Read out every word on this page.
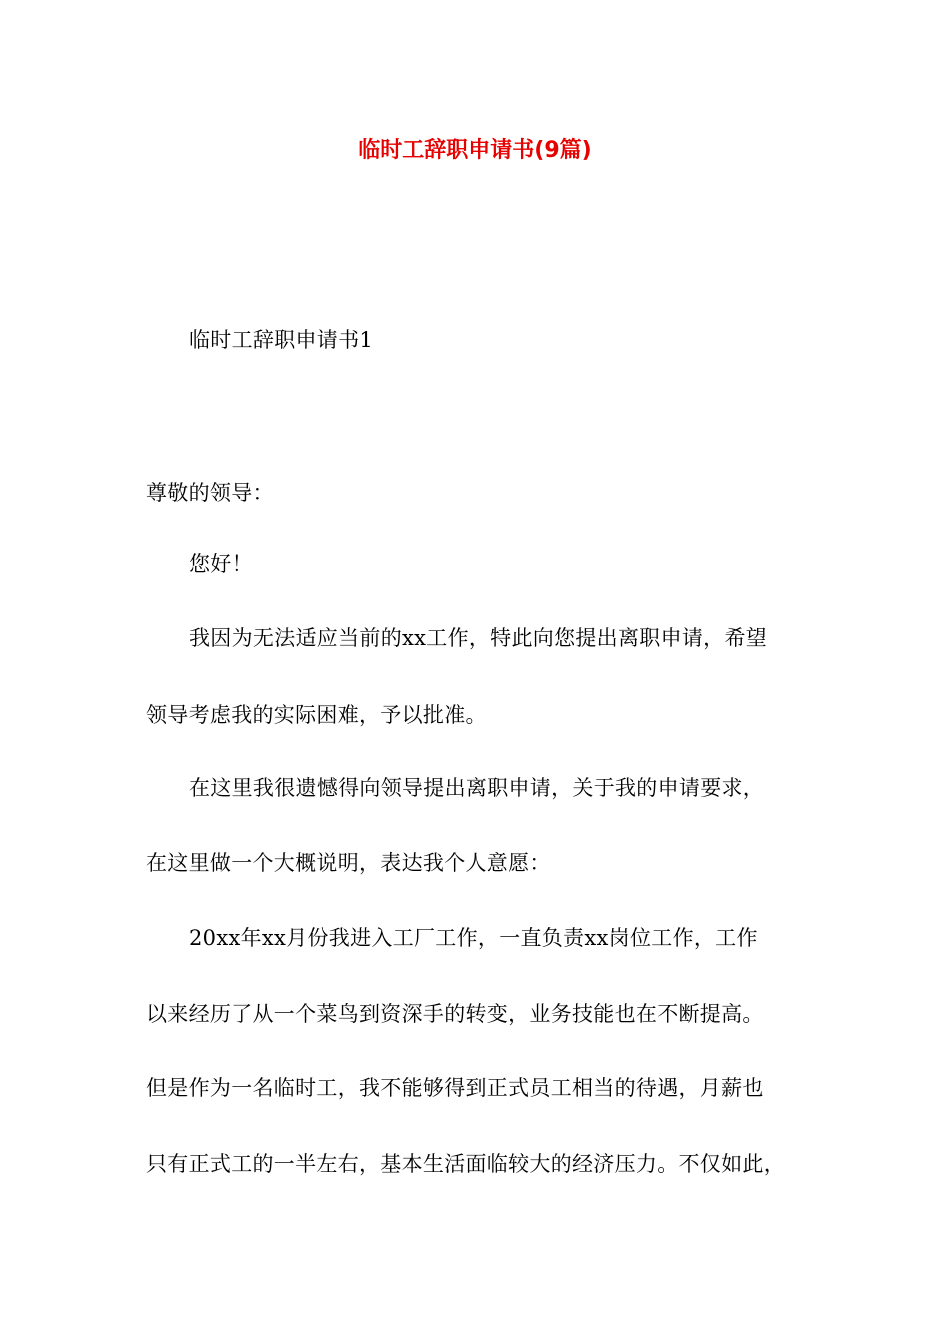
临时工辞职申请书(9篇)
临时工辞职申请书1
尊敬的领导：
您好！
我因为无法适应当前的xx工作，特此向您提出离职申请，希望
领导考虑我的实际困难，予以批准。
在这里我很遗憾得向领导提出离职申请，关于我的申请要求，
在这里做一个大概说明，表达我个人意愿：
20xx年xx月份我进入工厂工作，一直负责xx岗位工作，工作
以来经历了从一个菜鸟到资深手的转变，业务技能也在不断提高。
但是作为一名临时工，我不能够得到正式员工相当的待遇，月薪也
只有正式工的一半左右，基本生活面临较大的经济压力。不仅如此，
